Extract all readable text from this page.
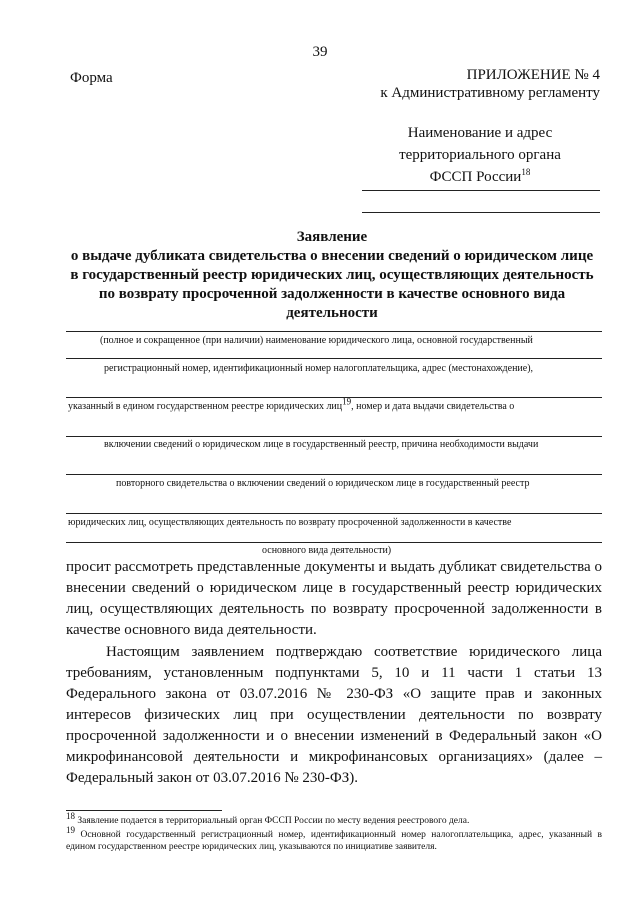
39
Форма	ПРИЛОЖЕНИЕ № 4
к Административному регламенту
Наименование и адрес
территориального органа
ФССП России$^{18}$
Заявление
о выдаче дубликата свидетельства о внесении сведений о юридическом лице
в государственный реестр юридических лиц, осуществляющих деятельность
по возврату просроченной задолженности в качестве основного вида
деятельности
(полное и сокращенное (при наличии) наименование юридического лица, основной государственный
регистрационный номер, идентификационный номер налогоплательщика, адрес (местонахождение),
указанный в едином государственном реестре юридических лиц$^{19}$, номер и дата выдачи свидетельства о
включении сведений о юридическом лице в государственный реестр, причина необходимости выдачи
повторного свидетельства о включении сведений о юридическом лице в государственный реестр
юридических лиц, осуществляющих деятельность по возврату просроченной задолженности в качестве
основного вида деятельности)
просит рассмотреть представленные документы и выдать дубликат свидетельства о внесении сведений о юридическом лице в государственный реестр юридических лиц, осуществляющих деятельность по возврату просроченной задолженности в качестве основного вида деятельности.
Настоящим заявлением подтверждаю соответствие юридического лица требованиям, установленным подпунктами 5, 10 и 11 части 1 статьи 13 Федерального закона от 03.07.2016 № 230-ФЗ «О защите прав и законных интересов физических лиц при осуществлении деятельности по возврату просроченной задолженности и о внесении изменений в Федеральный закон «О микрофинансовой деятельности и микрофинансовых организациях» (далее – Федеральный закон от 03.07.2016 № 230-ФЗ).
$^{18}$ Заявление подается в территориальный орган ФССП России по месту ведения реестрового дела.
$^{19}$ Основной государственный регистрационный номер, идентификационный номер налогоплательщика, адрес, указанный в едином государственном реестре юридических лиц, указываются по инициативе заявителя.
